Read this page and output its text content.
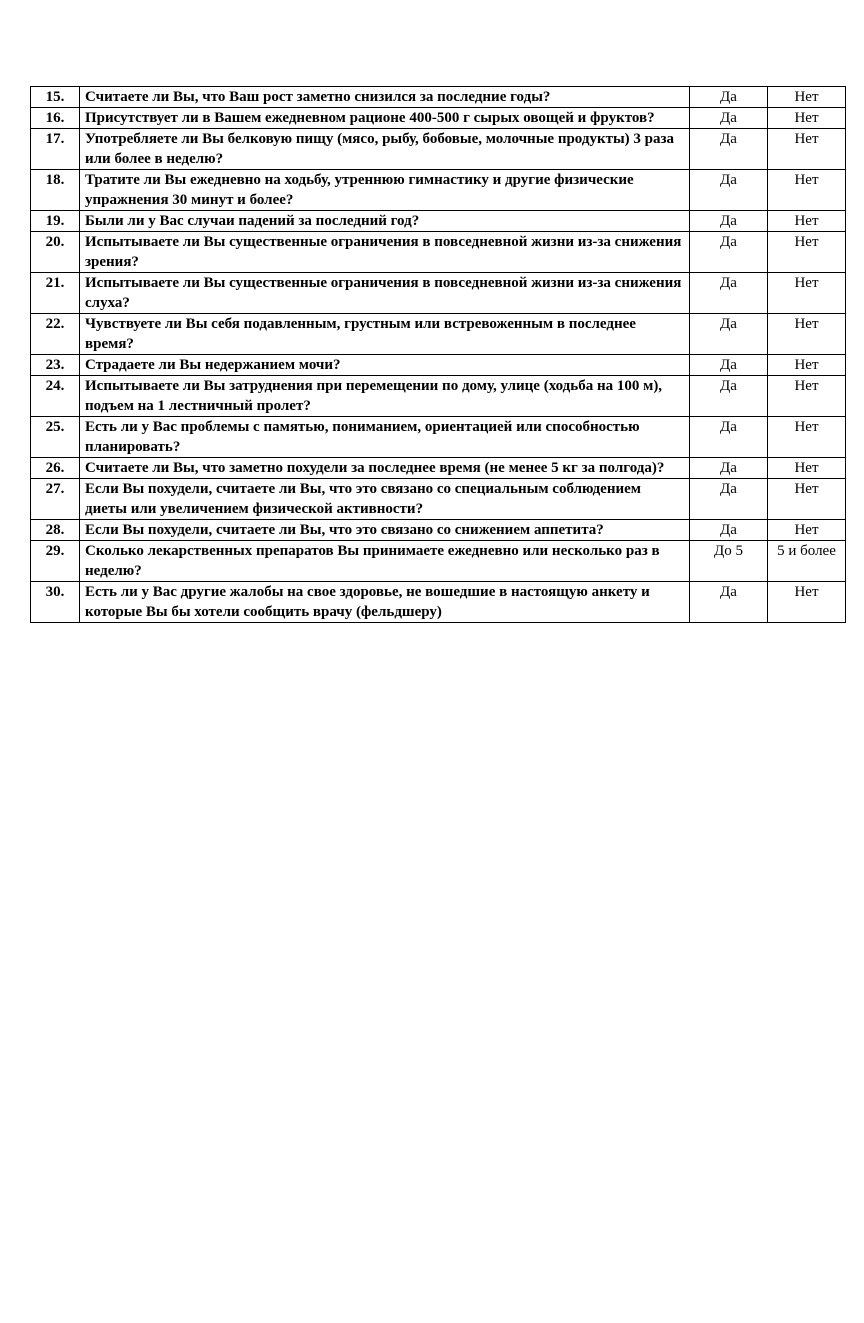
15.	Считаете ли Вы, что Ваш рост заметно снизился за последние годы?	Да	Нет
16.	Присутствует ли в Вашем ежедневном рационе 400-500 г сырых овощей и фруктов?	Да	Нет
17.	Употребляете ли Вы белковую пищу (мясо, рыбу, бобовые, молочные продукты) 3 раза или более в неделю?	Да	Нет
18.	Тратите ли Вы ежедневно на ходьбу, утреннюю гимнастику и другие физические упражнения 30 минут и более?	Да	Нет
19.	Были ли у Вас случаи падений за последний год?	Да	Нет
20.	Испытываете ли Вы существенные ограничения в повседневной жизни из-за снижения зрения?	Да	Нет
21.	Испытываете ли Вы существенные ограничения в повседневной жизни из-за снижения слуха?	Да	Нет
22.	Чувствуете ли Вы себя подавленным, грустным или встревоженным в последнее время?	Да	Нет
23.	Страдаете ли Вы недержанием мочи?	Да	Нет
24.	Испытываете ли Вы затруднения при перемещении по дому, улице (ходьба на 100 м), подъем на 1 лестничный пролет?	Да	Нет
25.	Есть ли у Вас проблемы с памятью, пониманием, ориентацией или способностью планировать?	Да	Нет
26.	Считаете ли Вы, что заметно похудели за последнее время (не менее 5 кг за полгода)?	Да	Нет
27.	Если Вы похудели, считаете ли Вы, что это связано со специальным соблюдением диеты или увеличением физической активности?	Да	Нет
28.	Если Вы похудели, считаете ли Вы, что это связано со снижением аппетита?	Да	Нет
29.	Сколько лекарственных препаратов Вы принимаете ежедневно или несколько раз в неделю?	До 5	5 и более
30.	Есть ли у Вас другие жалобы на свое здоровье, не вошедшие в настоящую анкету и которые Вы бы хотели сообщить врачу (фельдшеру)	Да	Нет
